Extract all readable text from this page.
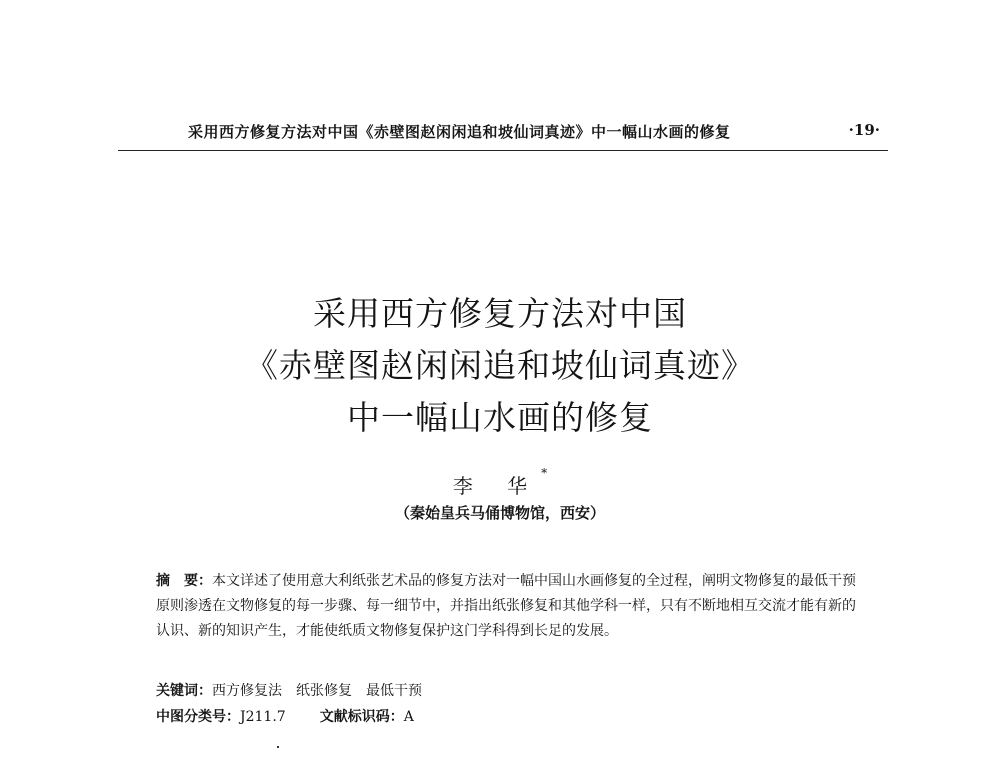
采用西方修复方法对中国《赤壁图赵闲闲追和坡仙词真迹》中一幅山水画的修复	·19·
采用西方修复方法对中国
《赤壁图赵闲闲追和坡仙词真迹》
中一幅山水画的修复
李 华*
（秦始皇兵马俑博物馆，西安）
摘　要：本文详述了使用意大利纸张艺术品的修复方法对一幅中国山水画修复的全过程，阐明文物修复的最低干预原则渗透在文物修复的每一步骤、每一细节中，并指出纸张修复和其他学科一样，只有不断地相互交流才能有新的认识、新的知识产生，才能使纸质文物修复保护这门学科得到长足的发展。
关键词：西方修复法　纸张修复　最低干预
中图分类号：J211.7 文献标识码：A
